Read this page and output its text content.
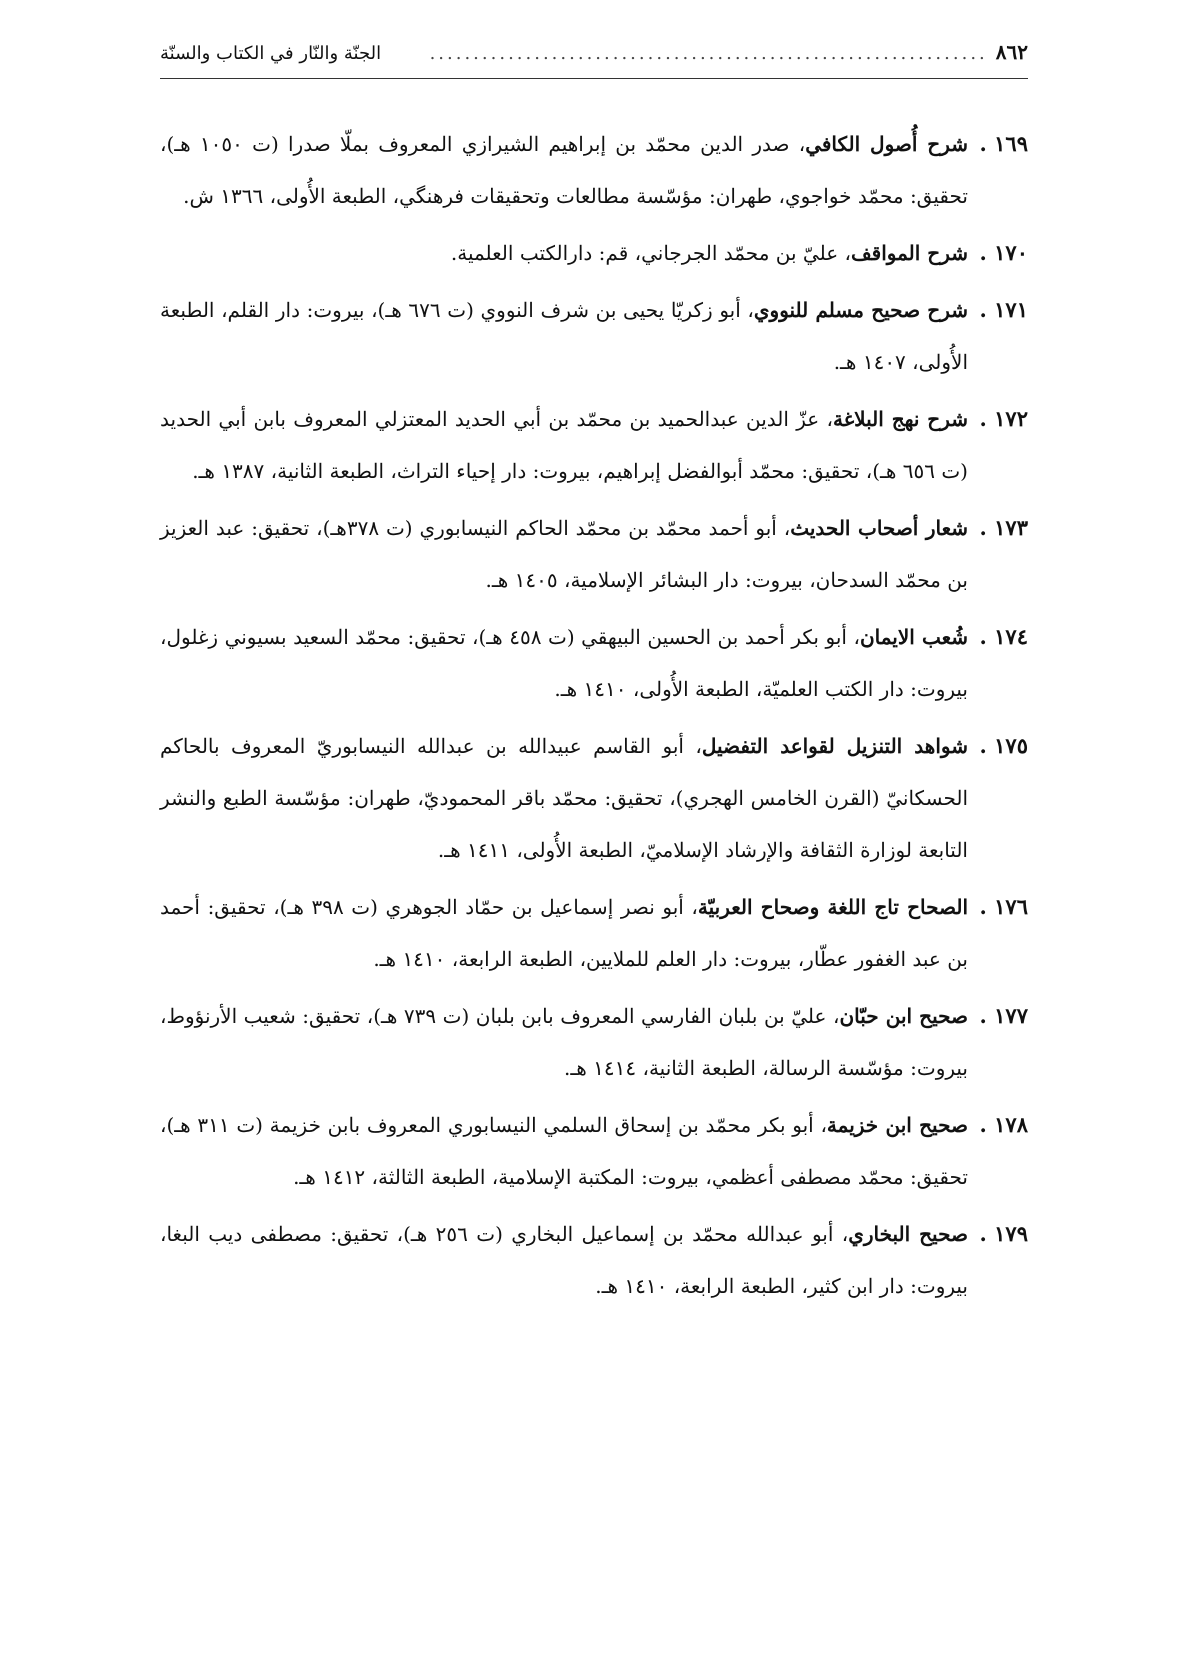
٨٦٢
................................................................
الجنّة والنّار في الكتاب والسنّة
١٦٩ .
شرح أُصول الكافي، صدر الدين محمّد بن إبراهيم الشيرازي المعروف بملّا صدرا (ت ١٠٥٠ هـ)، تحقيق: محمّد خواجوي، طهران: مؤسّسة مطالعات وتحقيقات فرهنگي، الطبعة الأُولى، ١٣٦٦ ش.
١٧٠ .
شرح المواقف، عليّ بن محمّد الجرجاني، قم: دارالكتب العلمية.
١٧١ .
شرح صحيح مسلم للنووي، أبو زكريّا يحيى بن شرف النووي (ت ٦٧٦ هـ)، بيروت: دار القلم، الطبعة الأُولى، ١٤٠٧ هـ.
١٧٢ .
شرح نهج البلاغة، عزّ الدين عبدالحميد بن محمّد بن أبي الحديد المعتزلي المعروف بابن أبي الحديد (ت ٦٥٦ هـ)، تحقيق: محمّد أبوالفضل إبراهيم، بيروت: دار إحياء التراث، الطبعة الثانية، ١٣٨٧ هـ.
١٧٣ .
شعار أصحاب الحديث، أبو أحمد محمّد بن محمّد الحاكم النيسابوري (ت ٣٧٨هـ)، تحقيق: عبد العزيز بن محمّد السدحان، بيروت: دار البشائر الإسلامية، ١٤٠٥ هـ.
١٧٤ .
شُعب الايمان، أبو بكر أحمد بن الحسين البيهقي (ت ٤٥٨ هـ)، تحقيق: محمّد السعيد بسيوني زغلول، بيروت: دار الكتب العلميّة، الطبعة الأُولى، ١٤١٠ هـ.
١٧٥ .
شواهد التنزيل لقواعد التفضيل، أبو القاسم عبيدالله بن عبدالله النيسابوريّ المعروف بالحاكم الحسكانيّ (القرن الخامس الهجري)، تحقيق: محمّد باقر المحموديّ، طهران: مؤسّسة الطبع والنشر التابعة لوزارة الثقافة والإرشاد الإسلاميّ، الطبعة الأُولى، ١٤١١ هـ.
١٧٦ .
الصحاح تاج اللغة وصحاح العربيّة، أبو نصر إسماعيل بن حمّاد الجوهري (ت ٣٩٨ هـ)، تحقيق: أحمد بن عبد الغفور عطّار، بيروت: دار العلم للملايين، الطبعة الرابعة، ١٤١٠ هـ.
١٧٧ .
صحيح ابن حبّان، عليّ بن بلبان الفارسي المعروف بابن بلبان (ت ٧٣٩ هـ)، تحقيق: شعيب الأرنؤوط، بيروت: مؤسّسة الرسالة، الطبعة الثانية، ١٤١٤ هـ.
١٧٨ .
صحيح ابن خزيمة، أبو بكر محمّد بن إسحاق السلمي النيسابوري المعروف بابن خزيمة (ت ٣١١ هـ)، تحقيق: محمّد مصطفى أعظمي، بيروت: المكتبة الإسلامية، الطبعة الثالثة، ١٤١٢ هـ.
١٧٩ .
صحيح البخاري، أبو عبدالله محمّد بن إسماعيل البخاري (ت ٢٥٦ هـ)، تحقيق: مصطفى ديب البغا، بيروت: دار ابن كثير، الطبعة الرابعة، ١٤١٠ هـ.
